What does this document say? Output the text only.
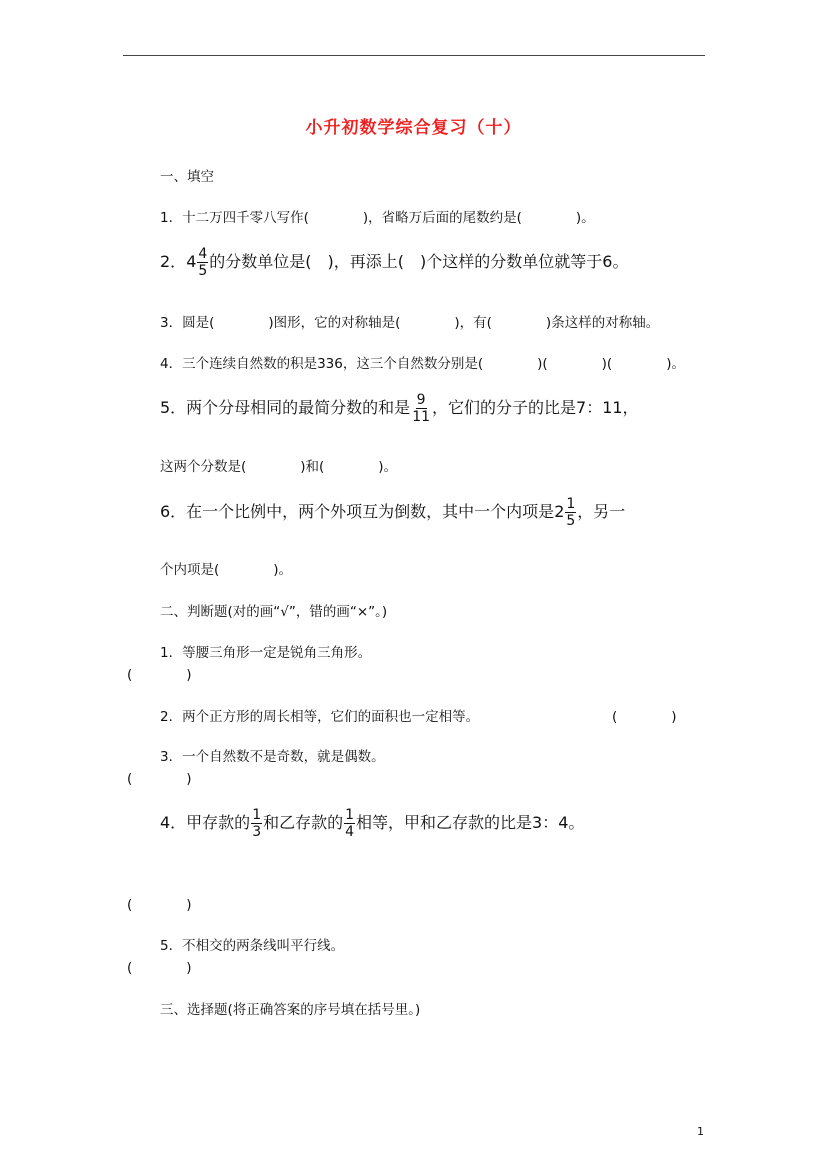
小升初数学综合复习（十）
一、填空
1．十二万四千零八写作(　　　　)，省略万后面的尾数约是(　　　　)。
2．$4 \frac{4}{5}$ 的分数单位是(　)，再添上(　)个这样的分数单位就等于6。
3．圆是(　　　　)图形，它的对称轴是(　　　　)，有(　　　　)条这样的对称轴。
4．三个连续自然数的积是336，这三个自然数分别是(　　　　)(　　　　)(　　　　)。
5．两个分母相同的最简分数的和是 $\frac{9}{11}$ ，它们的分子的比是7：11，
这两个分数是(　　　　)和(　　　　)。
6．在一个比例中，两个外项互为倒数，其中一个内项是$2 \frac{1}{5}$ ，另一
个内项是(　　　　)。
二、判断题(对的画“√”，错的画“×”。)
1．等腰三角形一定是锐角三角形。
(　　　　)
2．两个正方形的周长相等，它们的面积也一定相等。	(　　　　)
3．一个自然数不是奇数，就是偶数。
(　　　　)
4．甲存款的 $\frac{1}{3}$ 和乙存款的 $\frac{1}{4}$ 相等，甲和乙存款的比是3：4。
(　　　　)
5．不相交的两条线叫平行线。
(　　　　)
三、选择题(将正确答案的序号填在括号里。)
1
